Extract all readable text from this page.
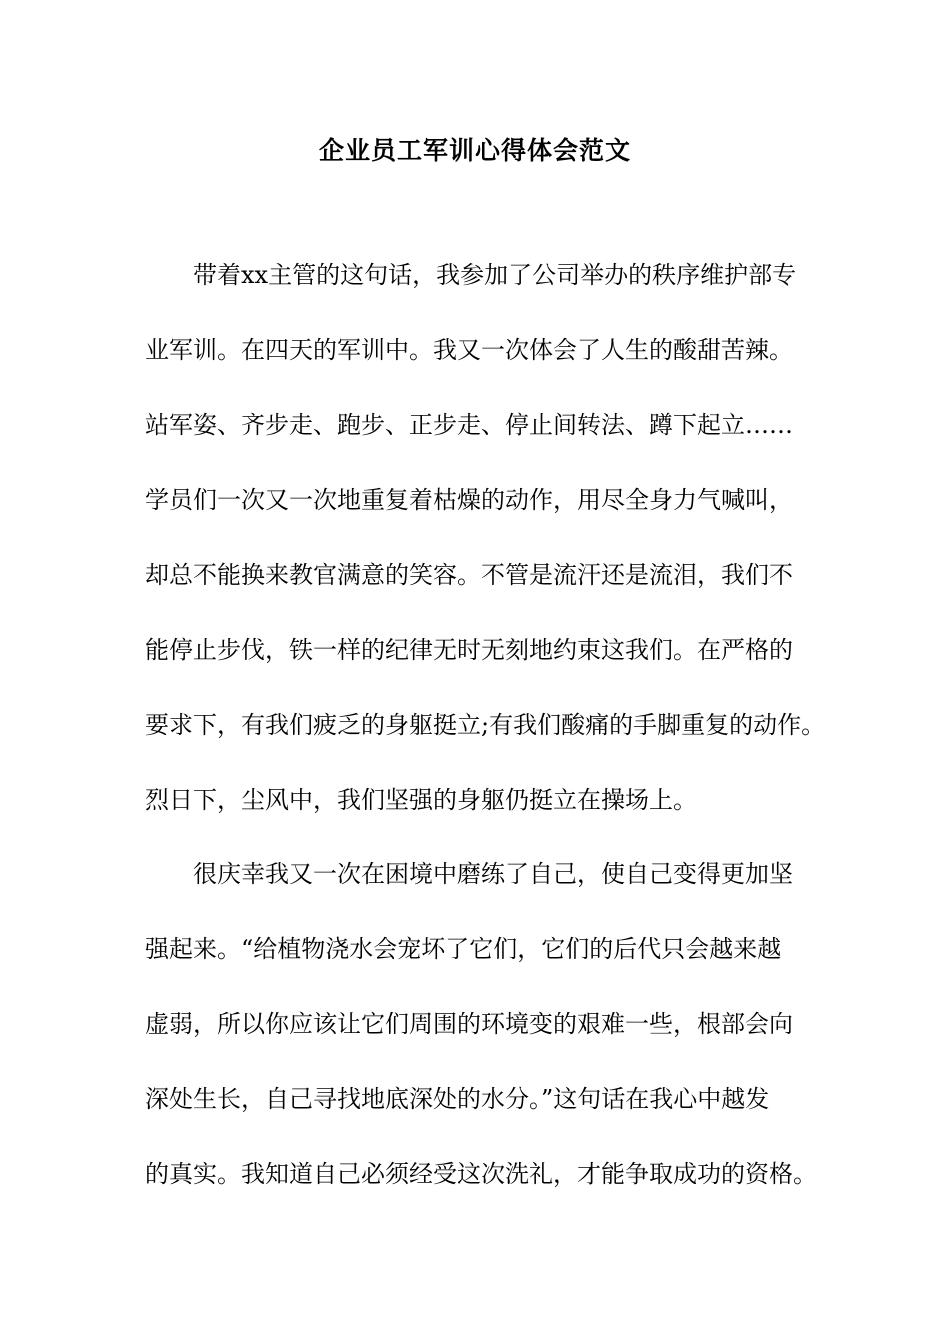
企业员工军训心得体会范文
　　带着xx主管的这句话，我参加了公司举办的秩序维护部专
业军训。在四天的军训中。我又一次体会了人生的酸甜苦辣。
站军姿、齐步走、跑步、正步走、停止间转法、蹲下起立……
学员们一次又一次地重复着枯燥的动作，用尽全身力气喊叫，
却总不能换来教官满意的笑容。不管是流汗还是流泪，我们不
能停止步伐，铁一样的纪律无时无刻地约束这我们。在严格的
要求下，有我们疲乏的身躯挺立;有我们酸痛的手脚重复的动作。
烈日下，尘风中，我们坚强的身躯仍挺立在操场上。
　　很庆幸我又一次在困境中磨练了自己，使自己变得更加坚
强起来。“给植物浇水会宠坏了它们，它们的后代只会越来越
虚弱，所以你应该让它们周围的环境变的艰难一些，根部会向
深处生长，自己寻找地底深处的水分。”这句话在我心中越发
的真实。我知道自己必须经受这次洗礼，才能争取成功的资格。
